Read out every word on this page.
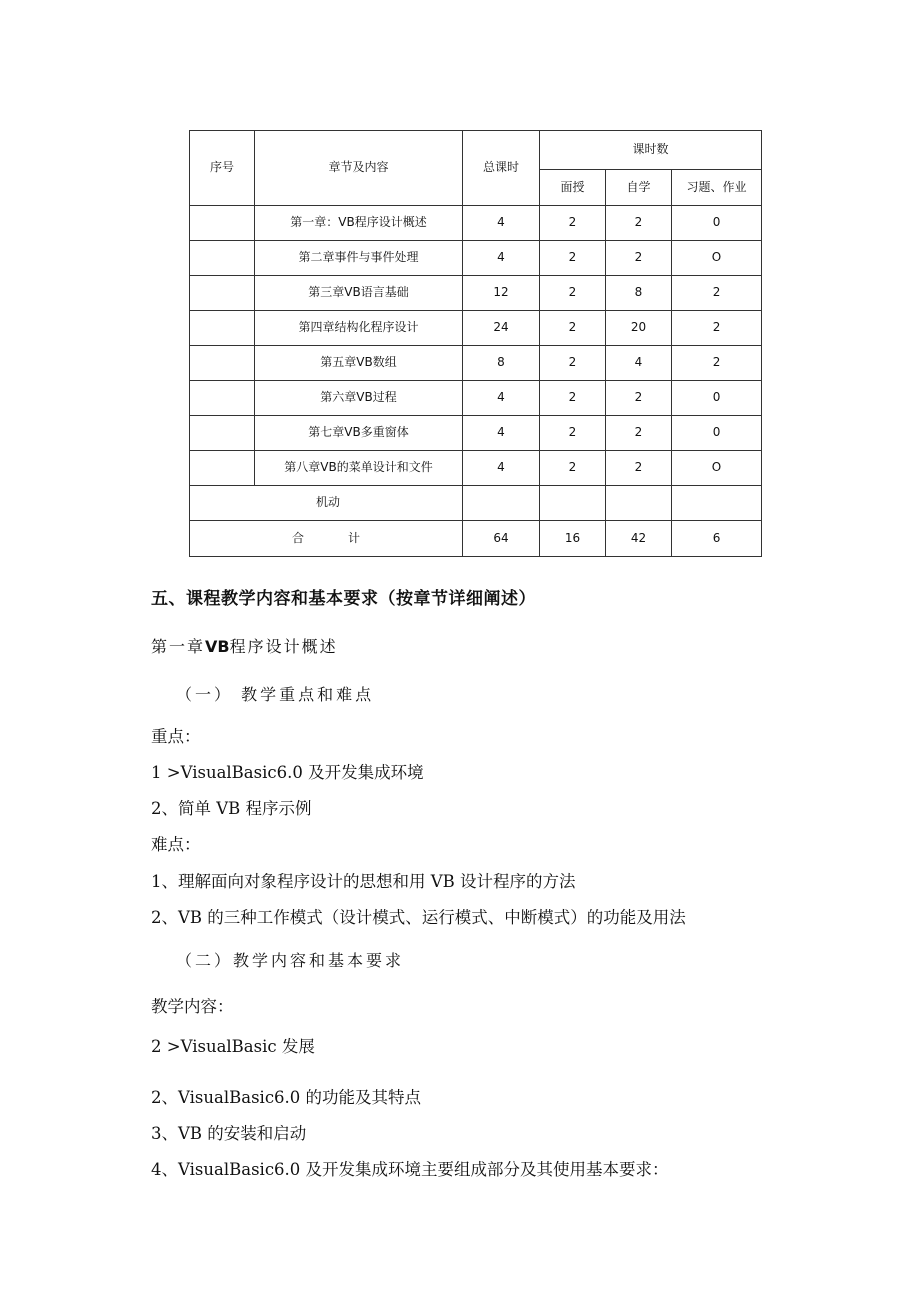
序号	章节及内容	总课时	课时数		
			面授	自学	习题、作业
	第一章：VB程序设计概述	4	2	2	0
	第二章事件与事件处理	4	2	2	O
	第三章VB语言基础	12	2	8	2
	第四章结构化程序设计	24	2	20	2
	第五章VB数组	8	2	4	2
	第六章VB过程	4	2	2	0
	第七章VB多重窗体	4	2	2	0
	第八章VB的菜单设计和文件	4	2	2	O
机动					
合 计		64	16	42	6
五、课程教学内容和基本要求（按章节详细阐述）
第一章VB程序设计概述
（一） 教学重点和难点
重点：
1 >VisualBasic6.0 及开发集成环境
2、简单 VB 程序示例
难点：
1、理解面向对象程序设计的思想和用 VB 设计程序的方法
2、VB 的三种工作模式（设计模式、运行模式、中断模式）的功能及用法
（二）教学内容和基本要求
教学内容：
2 >VisualBasic 发展
2、VisualBasic6.0 的功能及其特点
3、VB 的安装和启动
4、VisualBasic6.0 及开发集成环境主要组成部分及其使用基本要求：
